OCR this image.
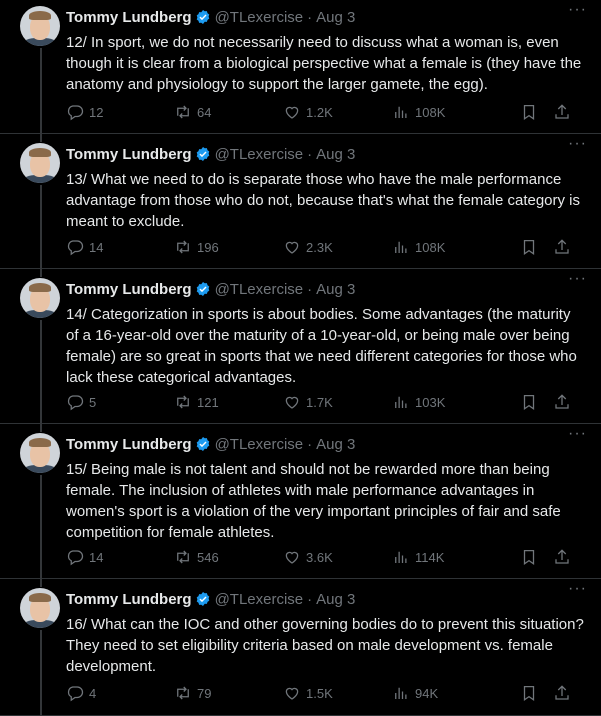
Tommy Lundberg @TLexercise · Aug 3	···
12/ In sport, we do not necessarily need to discuss what a woman is, even though it is clear from a biological perspective what a female is (they have the anatomy and physiology to support the larger gamete, the egg).
12	64	1.2K	108K
Tommy Lundberg @TLexercise · Aug 3
···
13/ What we need to do is separate those who have the male performance advantage from those who do not, because that's what the female category is meant to exclude.
14	196	2.3K	108K
Tommy Lundberg @TLexercise · Aug 3
···
14/ Categorization in sports is about bodies. Some advantages (the maturity of a 16-year-old over the maturity of a 10-year-old, or being male over being female) are so great in sports that we need different categories for those who lack these categorical advantages.
5	121	1.7K	103K
Tommy Lundberg @TLexercise · Aug 3
···
15/ Being male is not talent and should not be rewarded more than being female. The inclusion of athletes with male performance advantages in women's sport is a violation of the very important principles of fair and safe competition for female athletes.
14	546	3.6K	114K
Tommy Lundberg @TLexercise · Aug 3
···
16/ What can the IOC and other governing bodies do to prevent this situation? They need to set eligibility criteria based on male development vs. female development.
4	79	1.5K	94K
